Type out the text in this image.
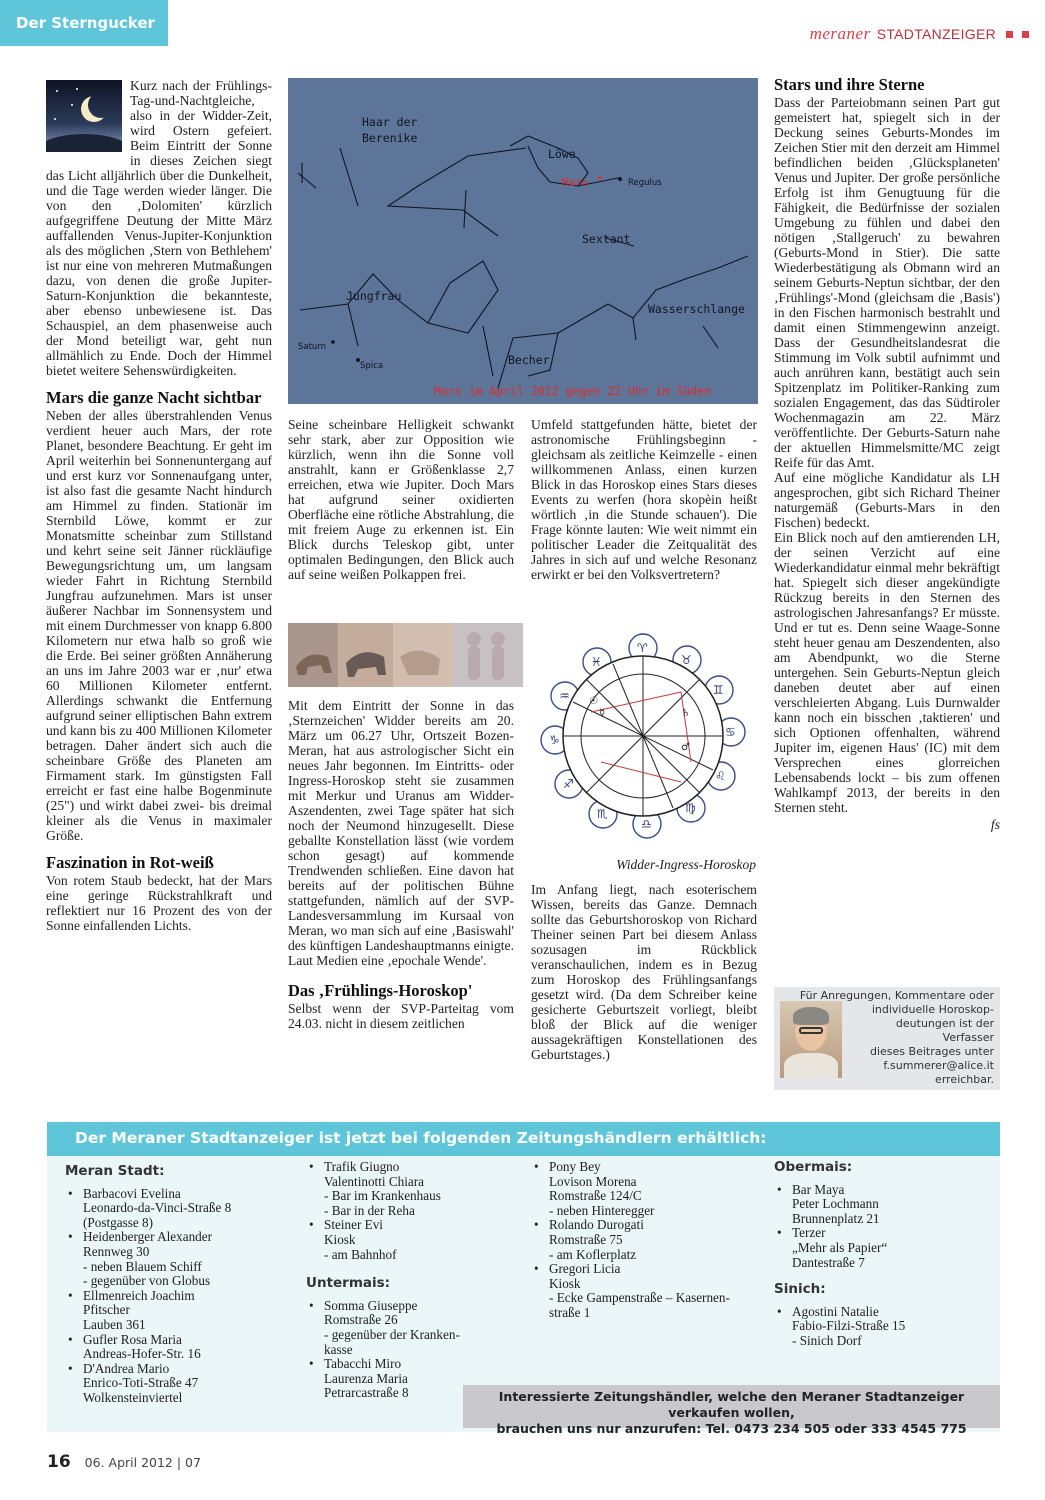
Der Sterngucker
meraner STADTANZEIGER

Kurz nach der Frühlings-Tag-und-Nachtgleiche, also in der Widder-Zeit, wird Ostern gefeiert. Beim Eintritt der Sonne in dieses Zeichen siegt das Licht alljährlich über die Dunkelheit, und die Tage werden wieder länger. Die von den ‚Dolomiten' kürzlich aufgegriffene Deutung der Mitte März auffallenden Venus-Jupiter-Konjunktion als des möglichen ‚Stern von Bethlehem' ist nur eine von mehreren Mutmaßungen dazu, von denen die große Jupiter-Saturn-Konjunktion die bekannteste, aber ebenso unbewiesene ist. Das Schauspiel, an dem phasenweise auch der Mond beteiligt war, geht nun allmählich zu Ende. Doch der Himmel bietet weitere Sehenswürdigkeiten.

Mars die ganze Nacht sichtbar

Neben der alles überstrahlenden Venus verdient heuer auch Mars, der rote Planet, besondere Beachtung. Er geht im April weiterhin bei Sonnenuntergang auf und erst kurz vor Sonnenaufgang unter, ist also fast die gesamte Nacht hindurch am Himmel zu finden. Stationär im Sternbild Löwe, kommt er zur Monatsmitte scheinbar zum Stillstand und kehrt seine seit Jänner rückläufige Bewegungsrichtung um, um langsam wieder Fahrt in Richtung Sternbild Jungfrau aufzunehmen. Mars ist unser äußerer Nachbar im Sonnensystem und mit einem Durchmesser von knapp 6.800 Kilometern nur etwa halb so groß wie die Erde. Bei seiner größten Annäherung an uns im Jahre 2003 war er ‚nur' etwa 60 Millionen Kilometer entfernt. Allerdings schwankt die Entfernung aufgrund seiner elliptischen Bahn extrem und kann bis zu 400 Millionen Kilometer betragen. Daher ändert sich auch die scheinbare Größe des Planeten am Firmament stark. Im günstigsten Fall erreicht er fast eine halbe Bogenminute (25") und wirkt dabei zwei- bis dreimal kleiner als die Venus in maximaler Größe.

Faszination in Rot-weiß

Von rotem Staub bedeckt, hat der Mars eine geringe Rückstrahlkraft und reflektiert nur 16 Prozent des von der Sonne einfallenden Lichts.

Haar der
Berenike
Löwe
Sextant
Jungfrau
Wasserschlange
Becher
Regulus
Saturn
Spica
Mars
Mars im April 2012 gegen 22 Uhr im Süden

Seine scheinbare Helligkeit schwankt sehr stark, aber zur Opposition wie kürzlich, wenn ihn die Sonne voll anstrahlt, kann er Größenklasse 2,7 erreichen, etwa wie Jupiter. Doch Mars hat aufgrund seiner oxidierten Oberfläche eine rötliche Abstrahlung, die mit freiem Auge zu erkennen ist. Ein Blick durchs Teleskop gibt, unter optimalen Bedingungen, den Blick auch auf seine weißen Polkappen frei.

Mit dem Eintritt der Sonne in das ‚Sternzeichen' Widder bereits am 20. März um 06.27 Uhr, Ortszeit Bozen-Meran, hat aus astrologischer Sicht ein neues Jahr begonnen. Im Eintritts- oder Ingress-Horoskop steht sie zusammen mit Merkur und Uranus am Widder-Aszendenten, zwei Tage später hat sich noch der Neumond hinzugesellt. Diese geballte Konstellation lässt (wie vordem schon gesagt) auf kommende Trendwenden schließen. Eine davon hat bereits auf der politischen Bühne stattgefunden, nämlich auf der SVP-Landesversammlung im Kursaal von Meran, wo man sich auf eine ‚Basiswahl' des künftigen Landeshauptmanns einigte. Laut Medien eine ‚epochale Wende'.

Das ‚Frühlings-Horoskop'

Selbst wenn der SVP-Parteitag vom 24.03. nicht in diesem zeitlichen

Umfeld stattgefunden hätte, bietet der astronomische Frühlingsbeginn - gleichsam als zeitliche Keimzelle - einen willkommenen Anlass, einen kurzen Blick in das Horoskop eines Stars dieses Events zu werfen (hora skopèin heißt wörtlich ‚in die Stunde schauen'). Die Frage könnte lauten: Wie weit nimmt ein politischer Leader die Zeitqualität des Jahres in sich auf und welche Resonanz erwirkt er bei den Volksvertretern?

♈
♉
♊
♋
♌
♍
♎
♏
♐
♑
♒
♓
☉
☿
♂
♄
Widder-Ingress-Horoskop

Im Anfang liegt, nach esoterischem Wissen, bereits das Ganze. Demnach sollte das Geburtshoroskop von Richard Theiner seinen Part bei diesem Anlass sozusagen im Rückblick veranschaulichen, indem es in Bezug zum Horoskop des Frühlingsanfangs gesetzt wird. (Da dem Schreiber keine gesicherte Geburtszeit vorliegt, bleibt bloß der Blick auf die weniger aussagekräftigen Konstellationen des Geburtstages.)

Stars und ihre Sterne

Dass der Parteiobmann seinen Part gut gemeistert hat, spiegelt sich in der Deckung seines Geburts-Mondes im Zeichen Stier mit den derzeit am Himmel befindlichen beiden ‚Glücksplaneten' Venus und Jupiter. Der große persönliche Erfolg ist ihm Genugtuung für die Fähigkeit, die Bedürfnisse der sozialen Umgebung zu fühlen und dabei den nötigen ‚Stallgeruch' zu bewahren (Geburts-Mond in Stier). Die satte Wiederbestätigung als Obmann wird an seinem Geburts-Neptun sichtbar, der den ‚Frühlings'-Mond (gleichsam die ‚Basis') in den Fischen harmonisch bestrahlt und damit einen Stimmengewinn anzeigt. Dass der Gesundheitslandesrat die Stimmung im Volk subtil aufnimmt und auch anrühren kann, bestätigt auch sein Spitzenplatz im Politiker-Ranking zum sozialen Engagement, das das Südtiroler Wochenmagazin am 22. März veröffentlichte. Der Geburts-Saturn nahe der aktuellen Himmelsmitte/MC zeigt Reife für das Amt.

Auf eine mögliche Kandidatur als LH angesprochen, gibt sich Richard Theiner naturgemäß (Geburts-Mars in den Fischen) bedeckt.

Ein Blick noch auf den amtierenden LH, der seinen Verzicht auf eine Wiederkandidatur einmal mehr bekräftigt hat. Spiegelt sich dieser angekündigte Rückzug bereits in den Sternen des astrologischen Jahresanfangs? Er müsste. Und er tut es. Denn seine Waage-Sonne steht heuer genau am Deszendenten, also am Abendpunkt, wo die Sterne untergehen. Sein Geburts-Neptun gleich daneben deutet aber auf einen verschleierten Abgang. Luis Durnwalder kann noch ein bisschen ‚taktieren' und sich Optionen offenhalten, während Jupiter im, eigenen Haus' (IC) mit dem Versprechen eines glorreichen Lebensabends lockt – bis zum offenen Wahlkampf 2013, der bereits in den Sternen steht.

fs

Für Anregungen, Kommentare oder
individuelle Horoskop-
deutungen ist der Verfasser
dieses Beitrages unter
f.summerer@alice.it
erreichbar.
Der Meraner Stadtanzeiger ist jetzt bei folgenden Zeitungshändlern erhältlich:
Meran Stadt:
• Barbacovi Evelina
Leonardo-da-Vinci-Straße 8
(Postgasse 8)
• Heidenberger Alexander
Rennweg 30
- neben Blauem Schiff
- gegenüber von Globus
• Ellmenreich Joachim
Pfitscher
Lauben 361
• Gufler Rosa Maria
Andreas-Hofer-Str. 16
• D'Andrea Mario
Enrico-Toti-Straße 47
Wolkensteinviertel
• Trafik Giugno
Valentinotti Chiara
- Bar im Krankenhaus
- Bar in der Reha
• Steiner Evi
Kiosk
- am Bahnhof
Untermais:
• Somma Giuseppe
Romstraße 26
- gegenüber der Kranken-
kasse
• Tabacchi Miro
Laurenza Maria
Petrarcastraße 8
• Pony Bey
Lovison Morena
Romstraße 124/C
- neben Hinteregger
• Rolando Durogati
Romstraße 75
- am Koflerplatz
• Gregori Licia
Kiosk
- Ecke Gampenstraße – Kasernen-
straße 1
Obermais:
• Bar Maya
Peter Lochmann
Brunnenplatz 21
• Terzer
„Mehr als Papier“
Dantestraße 7
Sinich:
• Agostini Natalie
Fabio-Filzi-Straße 15
- Sinich Dorf
Interessierte Zeitungshändler, welche den Meraner Stadtanzeiger verkaufen wollen,
brauchen uns nur anzurufen: Tel. 0473 234 505 oder 333 4545 775
16 06. April 2012 | 07
